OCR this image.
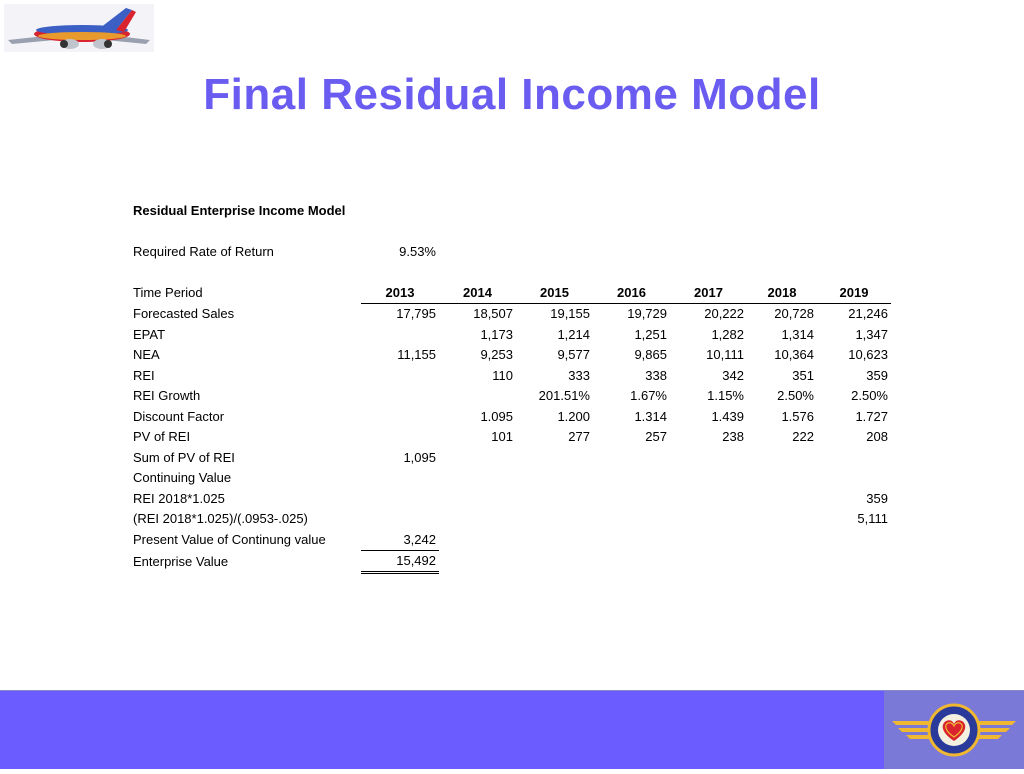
Final Residual Income Model
Residual Enterprise Income Model							

Required Rate of Return	9.53%						

Time Period	2013	2014	2015	2016	2017	2018	2019
Forecasted Sales	17,795	18,507	19,155	19,729	20,222	20,728	21,246
EPAT		1,173	1,214	1,251	1,282	1,314	1,347
NEA	11,155	9,253	9,577	9,865	10,111	10,364	10,623
REI		110	333	338	342	351	359
REI Growth			201.51%	1.67%	1.15%	2.50%	2.50%
Discount Factor		1.095	1.200	1.314	1.439	1.576	1.727
PV of REI		101	277	257	238	222	208
Sum of PV of REI	1,095						
Continuing Value							
REI 2018*1.025							359
(REI 2018*1.025)/(.0953-.025)							5,111
Present Value of Continung value	3,242						
Enterprise Value	15,492						
